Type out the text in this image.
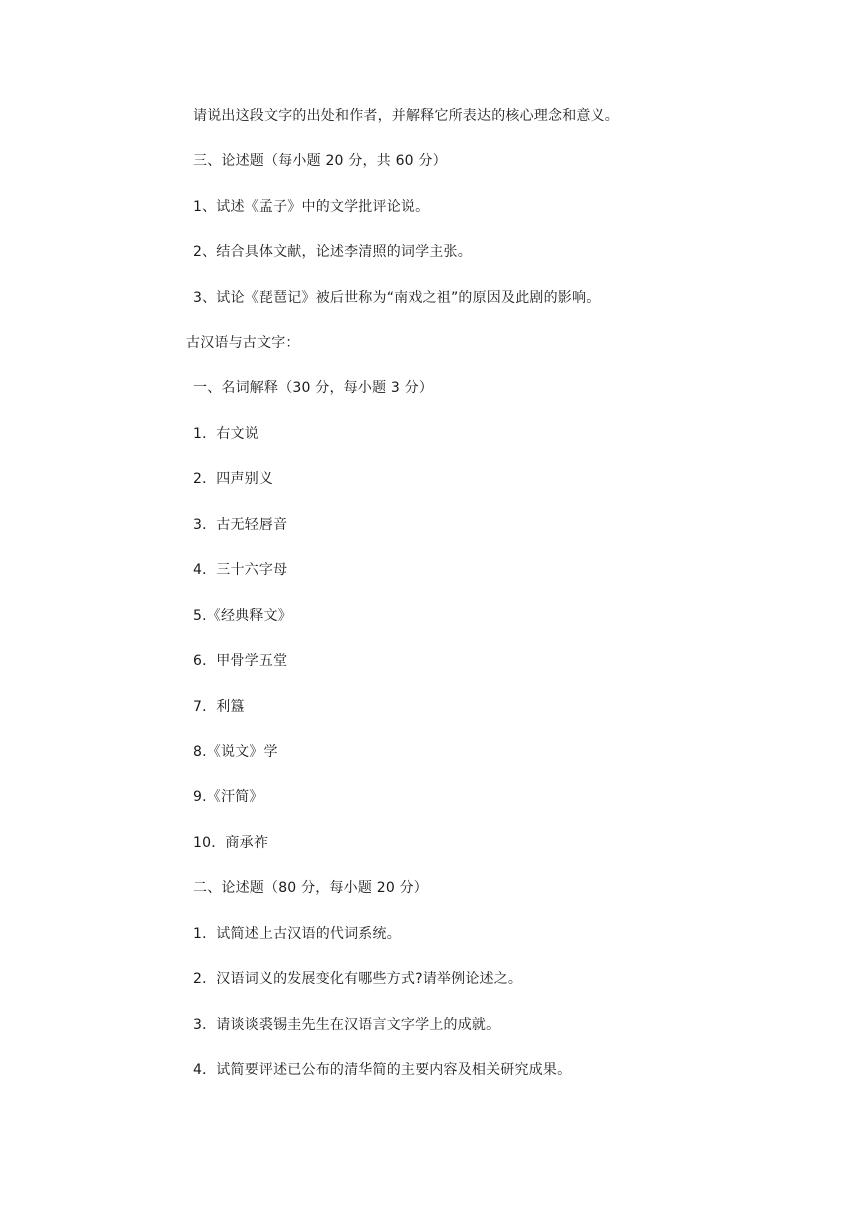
请说出这段文字的出处和作者，并解释它所表达的核心理念和意义。
三、论述题（每小题 20 分，共 60 分）
1、试述《孟子》中的文学批评论说。
2、结合具体文献，论述李清照的词学主张。
3、试论《琵琶记》被后世称为“南戏之祖”的原因及此剧的影响。
古汉语与古文字：
一、名词解释（30 分，每小题 3 分）
1．右文说
2．四声别义
3．古无轻唇音
4．三十六字母
5.《经典释文》
6．甲骨学五堂
7．利簋
8.《说文》学
9.《汗简》
10．商承祚
二、论述题（80 分，每小题 20 分）
1．试简述上古汉语的代词系统。
2．汉语词义的发展变化有哪些方式?请举例论述之。
3．请谈谈裘锡圭先生在汉语言文字学上的成就。
4．试简要评述已公布的清华简的主要内容及相关研究成果。
